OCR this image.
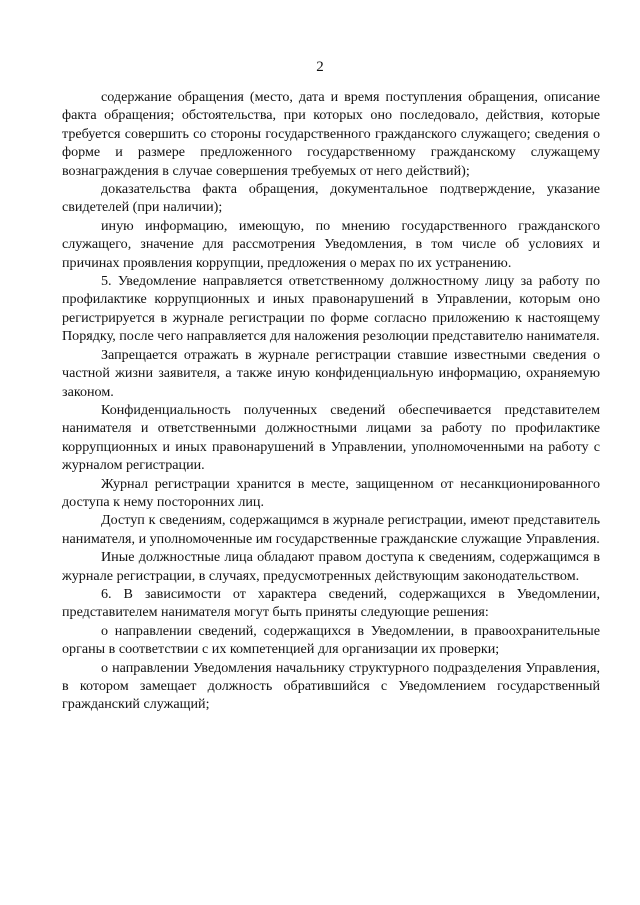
2

содержание обращения (место, дата и время поступления обращения, описание факта обращения; обстоятельства, при которых оно последовало, действия, которые требуется совершить со стороны государственного гражданского служащего; сведения о форме и размере предложенного государственному гражданскому служащему вознаграждения в случае совершения требуемых от него действий);

доказательства факта обращения, документальное подтверждение, указание свидетелей (при наличии);

иную информацию, имеющую, по мнению государственного гражданского служащего, значение для рассмотрения Уведомления, в том числе об условиях и причинах проявления коррупции, предложения о мерах по их устранению.

5. Уведомление направляется ответственному должностному лицу за работу по профилактике коррупционных и иных правонарушений в Управлении, которым оно регистрируется в журнале регистрации по форме согласно приложению к настоящему Порядку, после чего направляется для наложения резолюции представителю нанимателя.

Запрещается отражать в журнале регистрации ставшие известными сведения о частной жизни заявителя, а также иную конфиденциальную информацию, охраняемую законом.

Конфиденциальность полученных сведений обеспечивается представителем нанимателя и ответственными должностными лицами за работу по профилактике коррупционных и иных правонарушений в Управлении, уполномоченными на работу с журналом регистрации.

Журнал регистрации хранится в месте, защищенном от несанкционированного доступа к нему посторонних лиц.

Доступ к сведениям, содержащимся в журнале регистрации, имеют представитель нанимателя, и уполномоченные им государственные гражданские служащие Управления.

Иные должностные лица обладают правом доступа к сведениям, содержащимся в журнале регистрации, в случаях, предусмотренных действующим законодательством.

6. В зависимости от характера сведений, содержащихся в Уведомлении, представителем нанимателя могут быть приняты следующие решения:

о направлении сведений, содержащихся в Уведомлении, в правоохранительные органы в соответствии с их компетенцией для организации их проверки;

о направлении Уведомления начальнику структурного подразделения Управления, в котором замещает должность обратившийся с Уведомлением государственный гражданский служащий;
